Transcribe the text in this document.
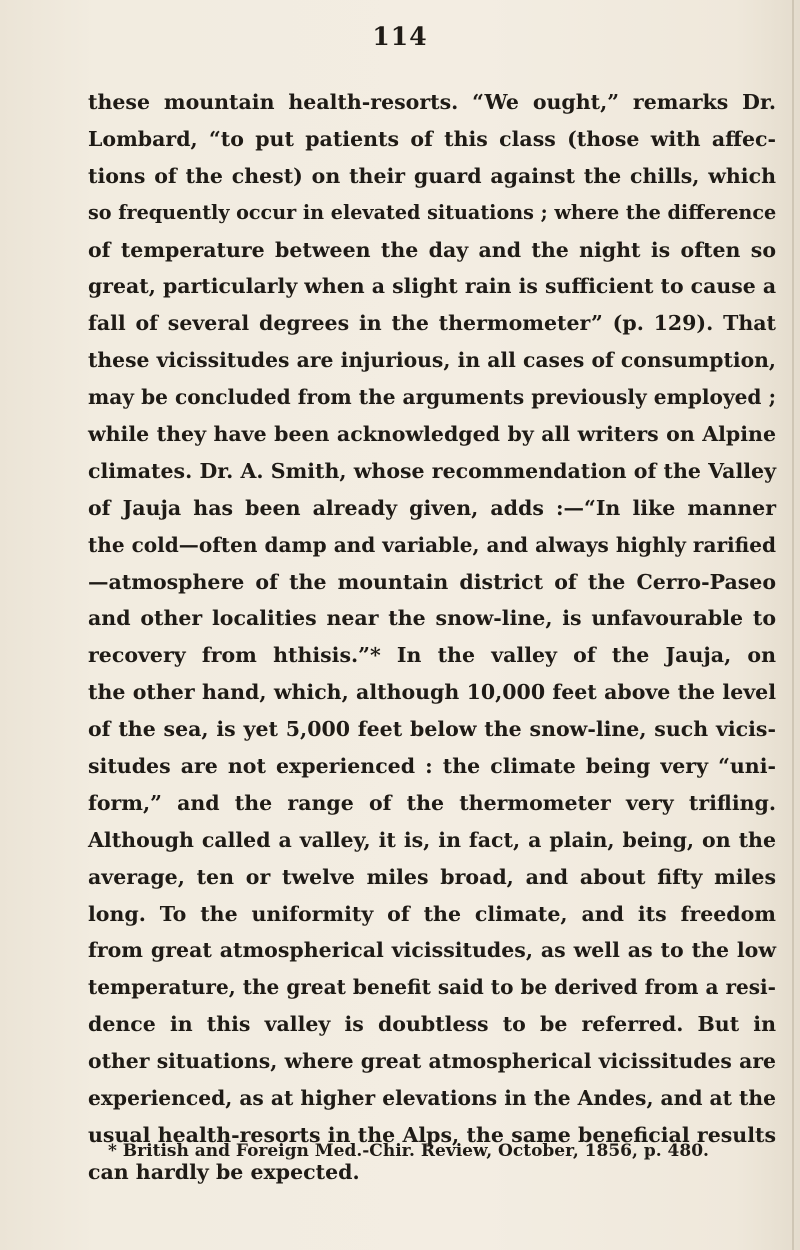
114
these mountain health-resorts. “We ought,” remarks Dr.
Lombard, “to put patients of this class (those with affec-
tions of the chest) on their guard against the chills, which
so frequently occur in elevated situations ; where the difference
of temperature between the day and the night is often so
great, particularly when a slight rain is sufficient to cause a
fall of several degrees in the thermometer” (p. 129). That
these vicissitudes are injurious, in all cases of consumption,
may be concluded from the arguments previously employed ;
while they have been acknowledged by all writers on Alpine
climates. Dr. A. Smith, whose recommendation of the Valley
of Jauja has been already given, adds :—“In like manner
the cold—often damp and variable, and always highly rarified
—atmosphere of the mountain district of the Cerro-Paseo
and other localities near the snow-line, is unfavourable to
recovery from hthisis.”* In the valley of the Jauja, on
the other hand, which, although 10,000 feet above the level
of the sea, is yet 5,000 feet below the snow-line, such vicis-
situdes are not experienced : the climate being very “uni-
form,” and the range of the thermometer very trifling.
Although called a valley, it is, in fact, a plain, being, on the
average, ten or twelve miles broad, and about fifty miles
long. To the uniformity of the climate, and its freedom
from great atmospherical vicissitudes, as well as to the low
temperature, the great benefit said to be derived from a resi-
dence in this valley is doubtless to be referred. But in
other situations, where great atmospherical vicissitudes are
experienced, as at higher elevations in the Andes, and at the
usual health-resorts in the Alps, the same beneficial results
can hardly be expected.
* British and Foreign Med.-Chir. Review, October, 1856, p. 480.
